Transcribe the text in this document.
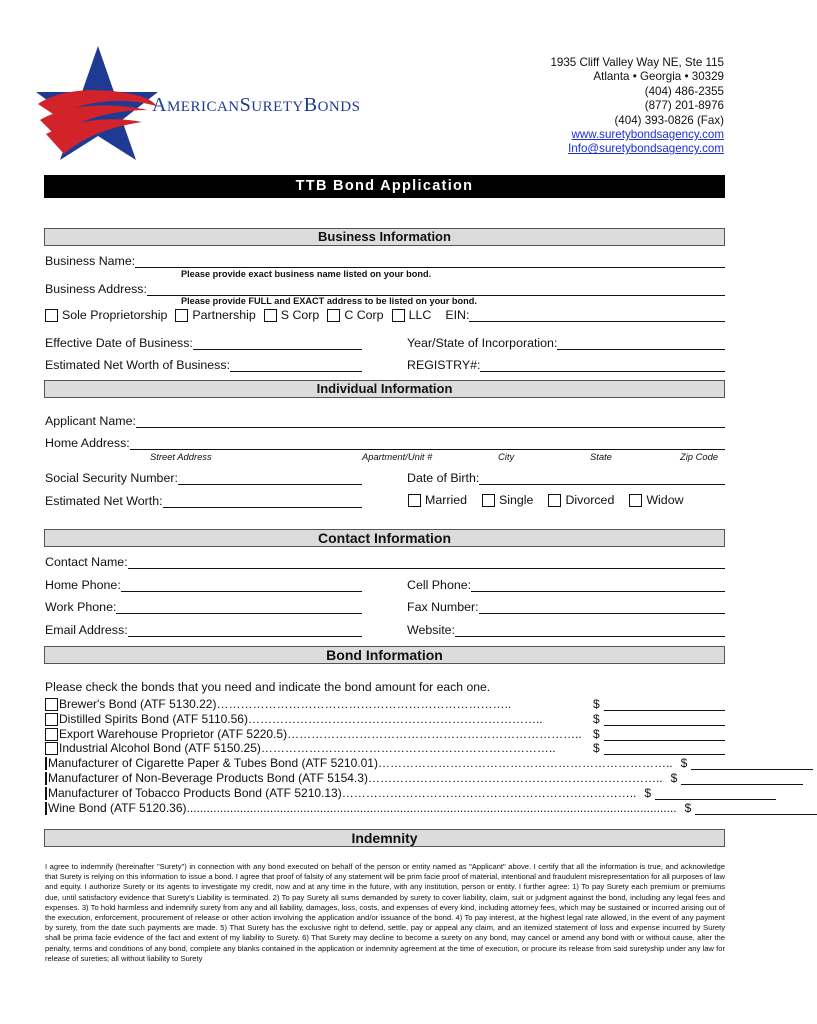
AMERICANSURETYBONDS
1935 Cliff Valley Way NE, Ste 115
Atlanta • Georgia • 30329
(404) 486-2355
(877) 201-8976
(404) 393-0826 (Fax)
www.suretybondsagency.com
Info@suretybondsagency.com
TTB Bond Application
Business Information
Business Name:
Please provide exact business name listed on your bond.
Business Address:
Please provide FULL and EXACT address to be listed on your bond.
Sole Proprietorship Partnership S Corp C Corp LLC EIN:
Effective Date of Business:	Year/State of Incorporation:
Estimated Net Worth of Business:	REGISTRY#:
Individual Information
Applicant Name:
Home Address:
Street Address	Apartment/Unit #	City	State	Zip Code
Social Security Number:	Date of Birth:
Estimated Net Worth:	Married	Single	Divorced	Widow
Contact Information
Contact Name:
Home Phone:	Cell Phone:
Work Phone:	Fax Number:
Email Address:	Website:
Bond Information
Please check the bonds that you need and indicate the bond amount for each one.
Brewer's Bond (ATF 5130.22) ………………………………………………………………..	$
Distilled Spirits Bond (ATF 5110.56) ………………………………………………………………..	$
Export Warehouse Proprietor (ATF 5220.5) ……………………………………………………………….. $
Industrial Alcohol Bond (ATF 5150.25) ………………………………………………………………..	$
Manufacturer of Cigarette Paper & Tubes Bond (ATF 5210.01) ……………………………………………………………….. $
Manufacturer of Non-Beverage Products Bond (ATF 5154.3) ……………………………………………………………….. $
Manufacturer of Tobacco Products Bond (ATF 5210.13) ……………………………………………………………….. $
Wine Bond (ATF 5120.36) ................................................................................................................................................... $
Indemnity
I agree to indemnify (hereinafter "Surety") in connection with any bond executed on behalf of the person or entity named as "Applicant" above. I certify that all the information is true, and acknowledge that Surety is relying on this information to issue a bond. I agree that proof of falsity of any statement will be prim facie proof of material, intentional and fraudulent misrepresentation for all purposes of law and equity. I authorize Surety or its agents to investigate my credit, now and at any time in the future, with any institution, person or entity. I further agree: 1) To pay Surety each premium or premiums due, until satisfactory evidence that Surety's Liability is terminated. 2) To pay Surety all sums demanded by surety to cover liability, claim, suit or judgment against the bond, including any legal fees and expenses. 3) To hold harmless and indemnify surety from any and all liability, damages, loss, costs, and expenses of every kind, including attorney fees, which may be sustained or incurred arising out of the execution, enforcement, procurement of release or other action involving the application and/or issuance of the bond. 4) To pay interest, at the highest legal rate allowed, in the event of any payment by surety, from the date such payments are made. 5) That Surety has the exclusive right to defend, settle, pay or appeal any claim, and an itemized statement of loss and expense incurred by Surety shall be prima facie evidence of the fact and extent of my liability to Surety. 6) That Surety may decline to become a surety on any bond, may cancel or amend any bond with or without cause, alter the penalty, terms and conditions of any bond, complete any blanks contained in the application or indemnity agreement at the time of execution, or procure its release from said suretyship under any law for release of sureties; all without liability to Surety
